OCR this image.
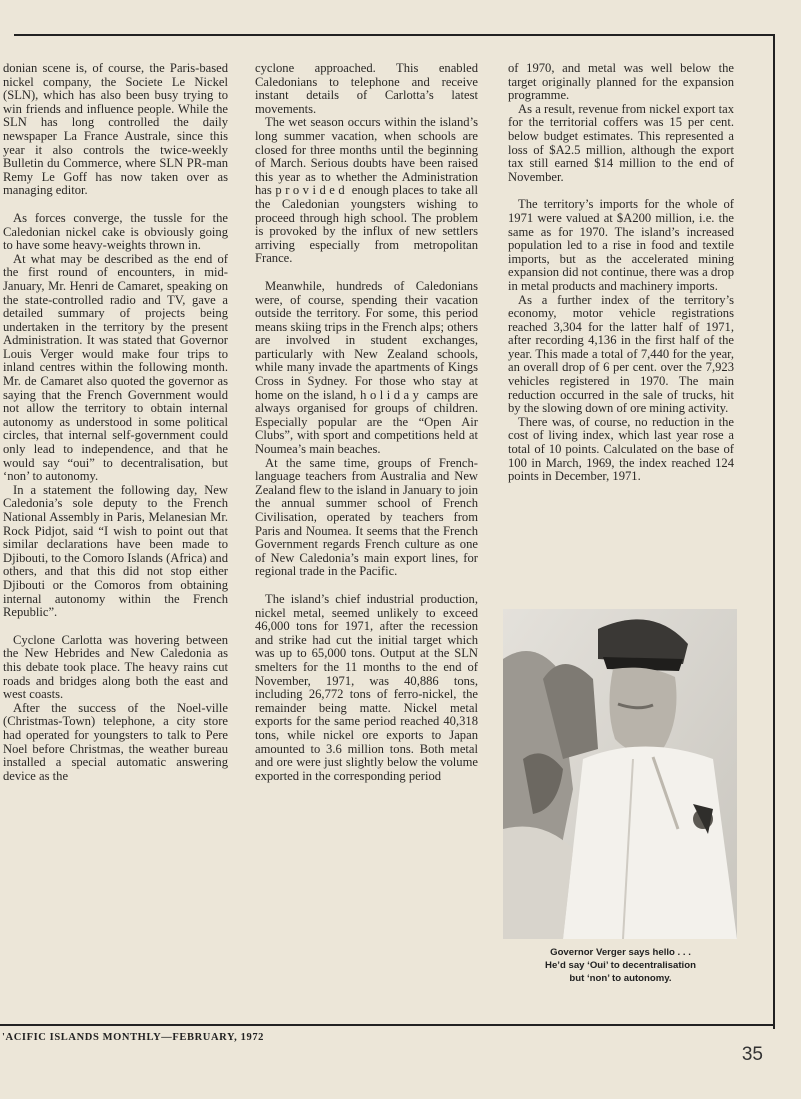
donian scene is, of course, the Paris-based nickel company, the Societe Le Nickel (SLN), which has also been busy trying to win friends and influence people. While the SLN has long controlled the daily newspaper La France Australe, since this year it also controls the twice-weekly Bulletin du Commerce, where SLN PR-man Remy Le Goff has now taken over as managing editor.

As forces converge, the tussle for the Caledonian nickel cake is obviously going to have some heavy-weights thrown in.

At what may be described as the end of the first round of encounters, in mid-January, Mr. Henri de Camaret, speaking on the state-controlled radio and TV, gave a detailed summary of projects being undertaken in the territory by the present Administration. It was stated that Governor Louis Verger would make four trips to inland centres within the following month. Mr. de Camaret also quoted the governor as saying that the French Government would not allow the territory to obtain internal autonomy as understood in some political circles, that internal self-government could only lead to independence, and that he would say “oui” to decentralisation, but ‘non’ to autonomy.

In a statement the following day, New Caledonia’s sole deputy to the French National Assembly in Paris, Melanesian Mr. Rock Pidjot, said “I wish to point out that similar declarations have been made to Djibouti, to the Comoro Islands (Africa) and others, and that this did not stop either Djibouti or the Comoros from obtaining internal autonomy within the French Republic”.

Cyclone Carlotta was hovering between the New Hebrides and New Caledonia as this debate took place. The heavy rains cut roads and bridges along both the east and west coasts.

After the success of the Noel-ville (Christmas-Town) telephone, a city store had operated for youngsters to talk to Pere Noel before Christmas, the weather bureau installed a special automatic answering device as the

cyclone approached. This enabled Caledonians to telephone and receive instant details of Carlotta’s latest movements.

The wet season occurs within the island’s long summer vacation, when schools are closed for three months until the beginning of March. Serious doubts have been raised this year as to whether the Administration has provided enough places to take all the Caledonian youngsters wishing to proceed through high school. The problem is provoked by the influx of new settlers arriving especially from metropolitan France.

Meanwhile, hundreds of Caledonians were, of course, spending their vacation outside the territory. For some, this period means skiing trips in the French alps; others are involved in student exchanges, particularly with New Zealand schools, while many invade the apartments of Kings Cross in Sydney. For those who stay at home on the island, holiday camps are always organised for groups of children. Especially popular are the “Open Air Clubs”, with sport and competitions held at Noumea’s main beaches.

At the same time, groups of French-language teachers from Australia and New Zealand flew to the island in January to join the annual summer school of French Civilisation, operated by teachers from Paris and Noumea. It seems that the French Government regards French culture as one of New Caledonia’s main export lines, for regional trade in the Pacific.

The island’s chief industrial production, nickel metal, seemed unlikely to exceed 46,000 tons for 1971, after the recession and strike had cut the initial target which was up to 65,000 tons. Output at the SLN smelters for the 11 months to the end of November, 1971, was 40,886 tons, including 26,772 tons of ferro-nickel, the remainder being matte. Nickel metal exports for the same period reached 40,318 tons, while nickel ore exports to Japan amounted to 3.6 million tons. Both metal and ore were just slightly below the volume exported in the corresponding period

of 1970, and metal was well below the target originally planned for the expansion programme.

As a result, revenue from nickel export tax for the territorial coffers was 15 per cent. below budget estimates. This represented a loss of $A2.5 million, although the export tax still earned $14 million to the end of November.

The territory’s imports for the whole of 1971 were valued at $A200 million, i.e. the same as for 1970. The island’s increased population led to a rise in food and textile imports, but as the accelerated mining expansion did not continue, there was a drop in metal products and machinery imports.

As a further index of the territory’s economy, motor vehicle registrations reached 3,304 for the latter half of 1971, after recording 4,136 in the first half of the year. This made a total of 7,440 for the year, an overall drop of 6 per cent. over the 7,923 vehicles registered in 1970. The main reduction occurred in the sale of trucks, hit by the slowing down of ore mining activity.

There was, of course, no reduction in the cost of living index, which last year rose a total of 10 points. Calculated on the base of 100 in March, 1969, the index reached 124 points in December, 1971.

Governor Verger says hello . . .
He’d say ‘Oui’ to decentralisation
but ‘non’ to autonomy.
'ACIFIC ISLANDS MONTHLY—FEBRUARY, 1972
35
